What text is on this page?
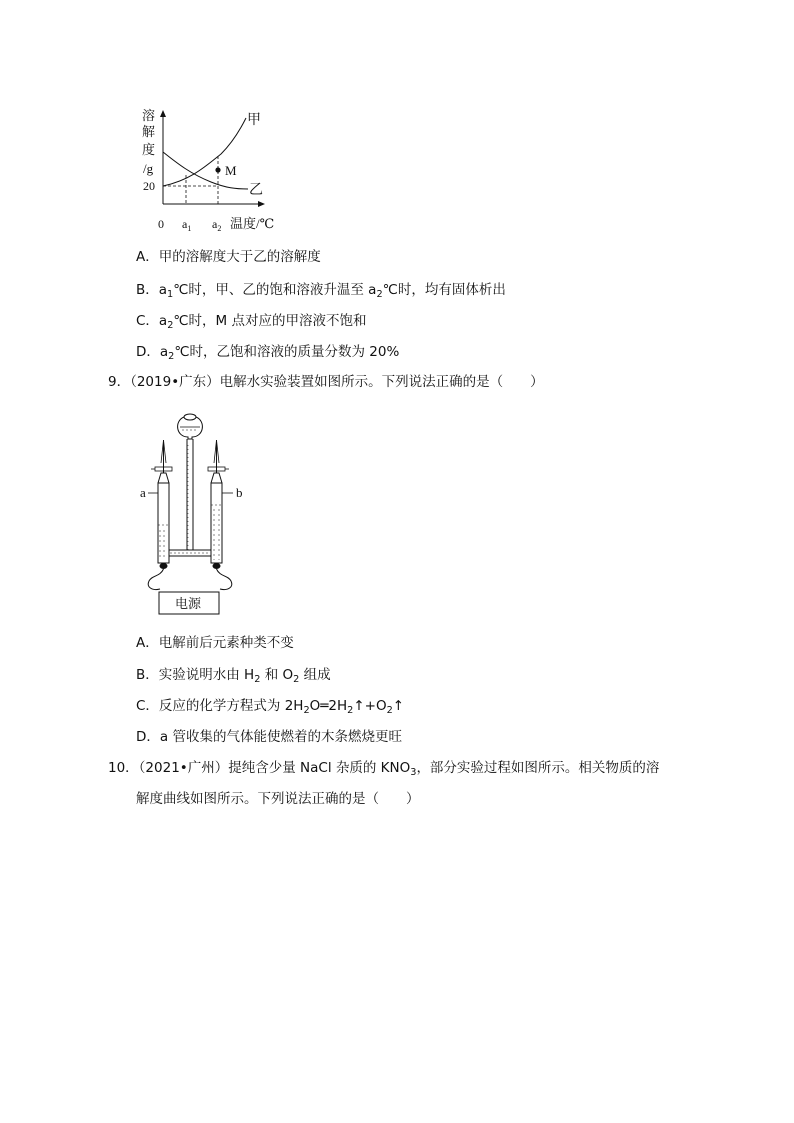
溶
解
度
/g
20
0 $a_1$ $a_2$ 温度/℃
甲
乙
M
A．甲的溶解度大于乙的溶解度
B．$a_1℃$时，甲、乙的饱和溶液升温至 $a_2℃$时，均有固体析出
C．$a_2℃$时，M 点对应的甲溶液不饱和
D．$a_2℃$时，乙饱和溶液的质量分数为 20%
9．（2019•广东）电解水实验装置如图所示。下列说法正确的是（　　）
a	b
电源
A．电解前后元素种类不变
B．实验说明水由 $H_2$ 和 $O_2$ 组成
C．反应的化学方程式为 $2H_2O═2H_2↑+O_2↑$
D．a 管收集的气体能使燃着的木条燃烧更旺
10．（2021•广州）提纯含少量 NaCl 杂质的 $KNO_3$，部分实验过程如图所示。相关物质的溶
解度曲线如图所示。下列说法正确的是（　　）
